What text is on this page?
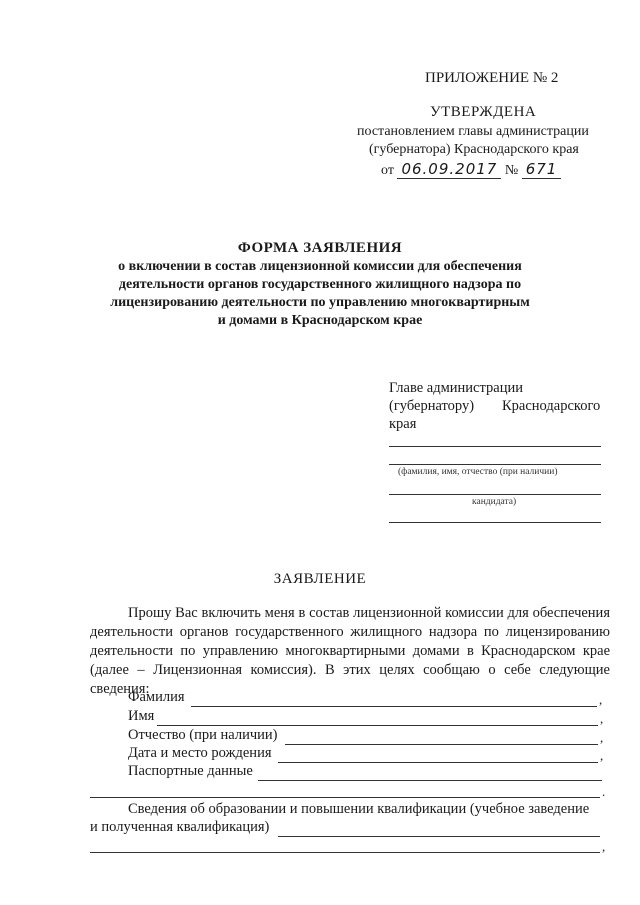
ПРИЛОЖЕНИЕ № 2
УТВЕРЖДЕНА
постановлением главы администрации
(губернатора) Краснодарского края
от 06.09.2017 № 671
ФОРМА ЗАЯВЛЕНИЯ
о включении в состав лицензионной комиссии для обеспечения
деятельности органов государственного жилищного надзора по
лицензированию деятельности по управлению многоквартирным
и домами в Краснодарском крае
Главе администрации
(губернатору) Краснодарского
края
(фамилия, имя, отчество (при наличии)
кандидата)
ЗАЯВЛЕНИЕ

Прошу Вас включить меня в состав лицензионной комиссии для обеспечения деятельности органов государственного жилищного надзора по лицензированию деятельности по управлению многоквартирными домами в Краснодарском крае (далее – Лицензионная комиссия). В этих целях сообщаю о себе следующие сведения:

Фамилия	,
Имя	,
Отчество (при наличии)	,
Дата и место рождения	,
Паспортные данные
.
Сведения об образовании и повышении квалификации (учебное заведение
и полученная квалификация)
,
